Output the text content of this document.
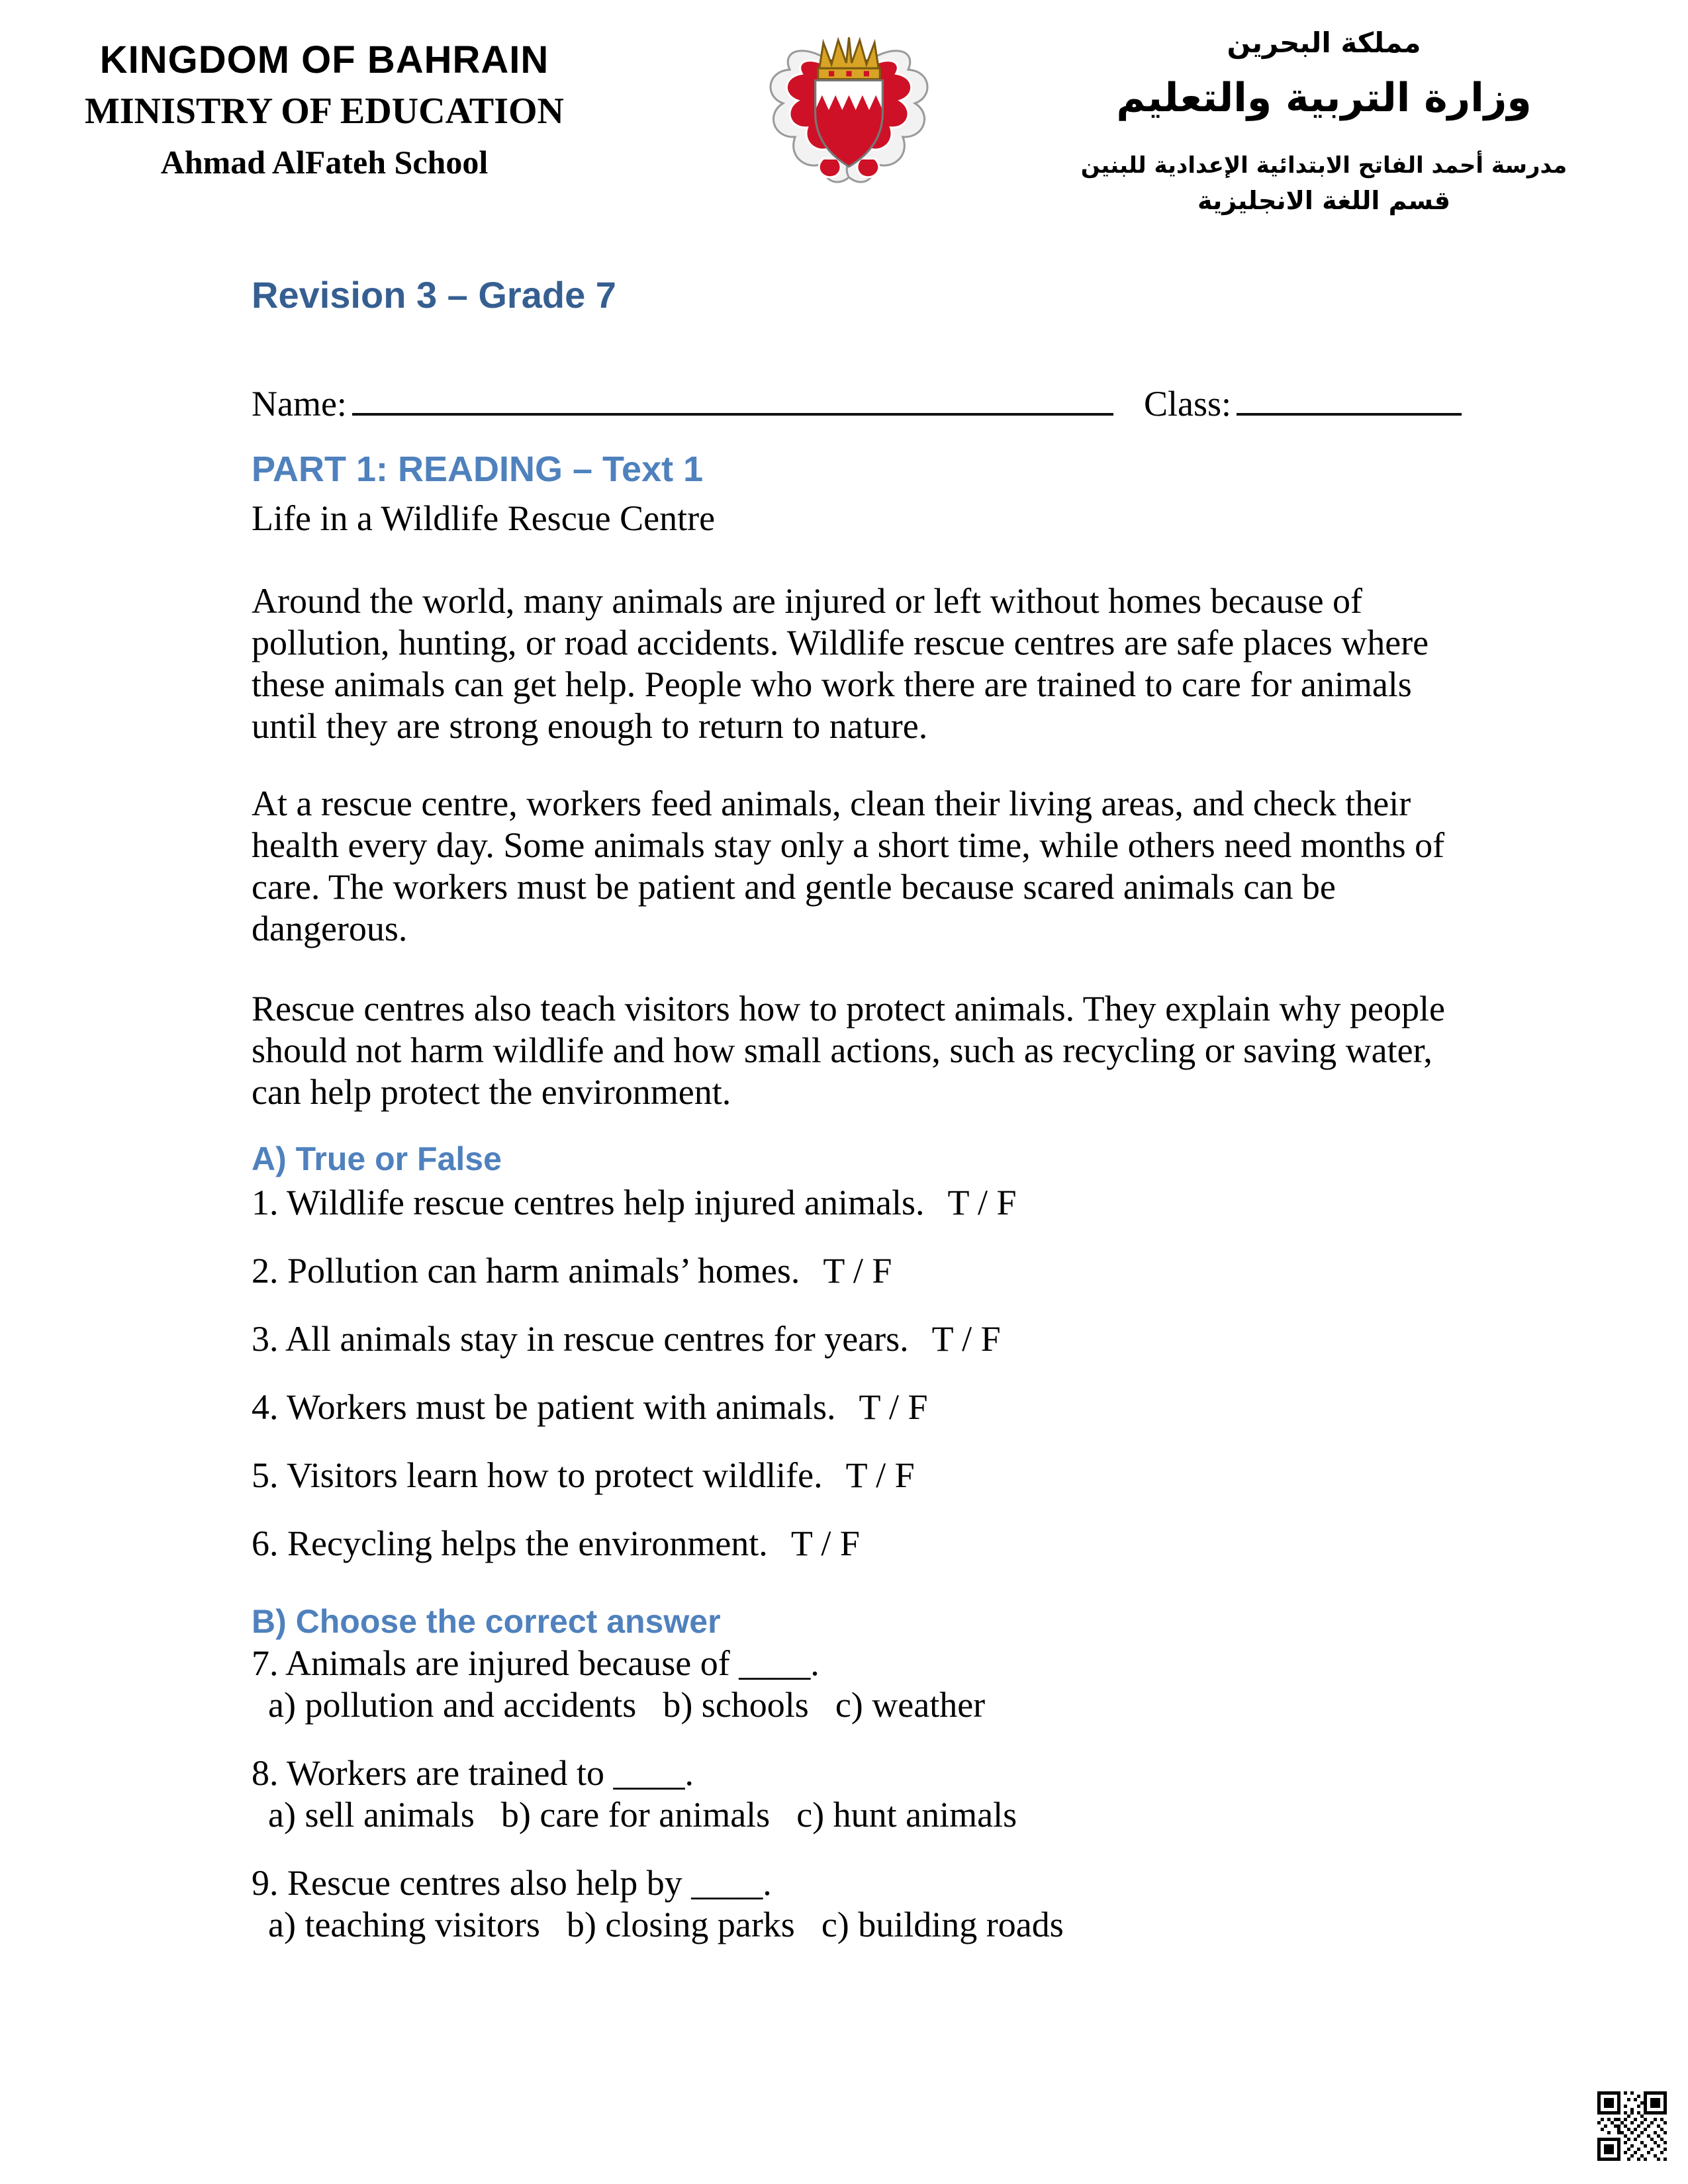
KINGDOM OF BAHRAIN
MINISTRY OF EDUCATION
Ahmad AlFateh School
مملكة البحرين
وزارة التربية والتعليم
مدرسة أحمد الفاتح الابتدائية الإعدادية للبنين
قسم اللغة الانجليزية
Revision 3 – Grade 7
Name:	Class:
PART 1: READING – Text 1
Life in a Wildlife Rescue Centre
Around the world, many animals are injured or left without homes because of pollution, hunting, or road accidents. Wildlife rescue centres are safe places where these animals can get help. People who work there are trained to care for animals until they are strong enough to return to nature.
At a rescue centre, workers feed animals, clean their living areas, and check their health every day. Some animals stay only a short time, while others need months of care. The workers must be patient and gentle because scared animals can be dangerous.
Rescue centres also teach visitors how to protect animals. They explain why people should not harm wildlife and how small actions, such as recycling or saving water, can help protect the environment.
A) True or False
1. Wildlife rescue centres help injured animals. T / F
2. Pollution can harm animals’ homes. T / F
3. All animals stay in rescue centres for years. T / F
4. Workers must be patient with animals. T / F
5. Visitors learn how to protect wildlife. T / F
6. Recycling helps the environment. T / F
B) Choose the correct answer
7. Animals are injured because of ____.
a) pollution and accidents b) schools c) weather
8. Workers are trained to ____.
a) sell animals b) care for animals c) hunt animals
9. Rescue centres also help by ____.
a) teaching visitors b) closing parks c) building roads
